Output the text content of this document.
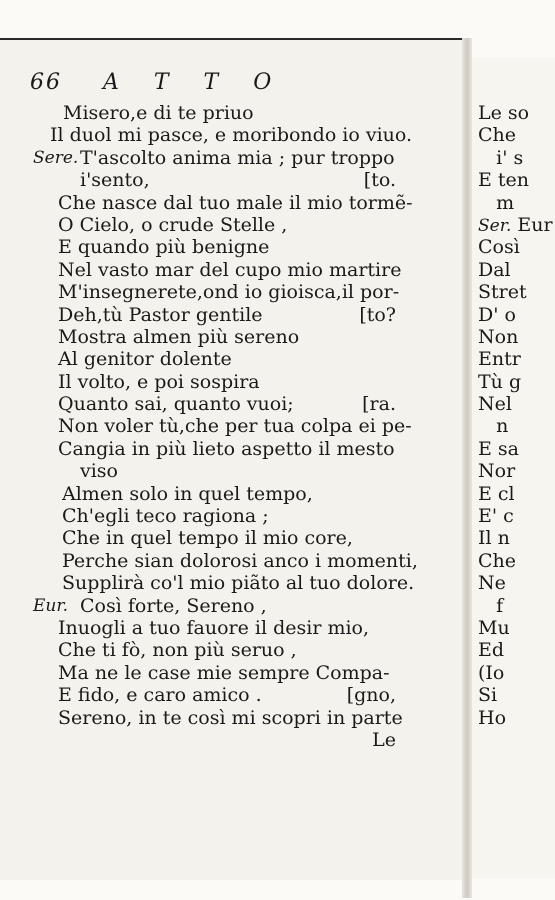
66 A T T O
Misero,e di te priuo
Il duol mi pasce, e moribondo io viuo.
Sere. T'ascolto anima mia ; pur troppo
i'sento,	[to.
Che nasce dal tuo male il mio tormẽ-
O Cielo, o crude Stelle ,
E quando più benigne
Nel vasto mar del cupo mio martire
M'insegnerete,ond io gioisca,il por-
Deh,tù Pastor gentile	[to?
Mostra almen più sereno
Al genitor dolente
Il volto, e poi sospira
Quanto sai, quanto vuoi;	[ra.
Non voler tù,che per tua colpa ei pe-
Cangia in più lieto aspetto il mesto
viso
Almen solo in quel tempo,
Ch'egli teco ragiona ;
Che in quel tempo il mio core,
Perche sian dolorosi anco i momenti,
Supplirà co'l mio piãto al tuo dolore.
Eur. Così forte, Sereno ,
Inuogli a tuo fauore il desir mio,
Che ti fò, non più seruo ,
Ma ne le case mie sempre Compa-
E fido, e caro amico .	[gno,
Sereno, in te così mi scopri in parte
Le
Le so
Che
i' s
E ten
m
Ser. Eur
Così
Dal
Stret
D' o
Non
Entr
Tù g
Nel
n
E sa
Nor
E cl
E' c
Il n
Che
Ne
f
Mu
Ed
(Io
Si
Ho
